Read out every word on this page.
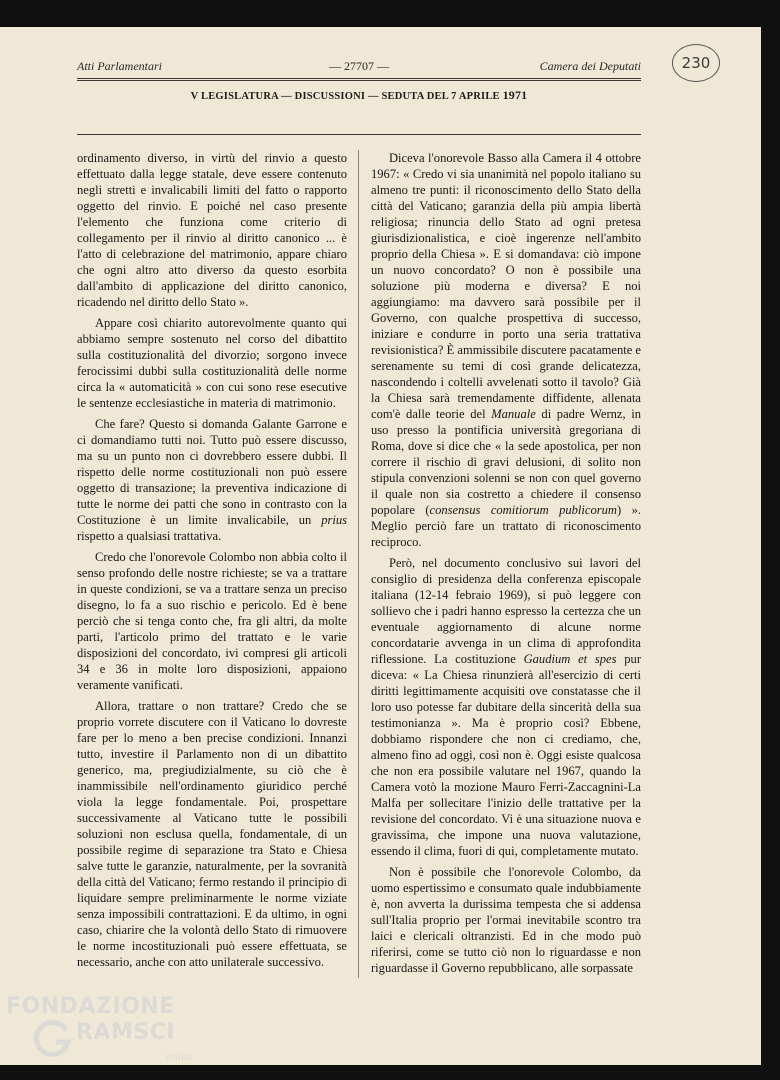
Atti Parlamentari	— 27707 —	Camera dei Deputati
V LEGISLATURA — DISCUSSIONI — SEDUTA DEL 7 APRILE 1971
230

ordinamento diverso, in virtù del rinvio a questo effettuato dalla legge statale, deve essere contenuto negli stretti e invalicabili limiti del fatto o rapporto oggetto del rinvio. E poiché nel caso presente l'elemento che funziona come criterio di collegamento per il rinvio al diritto canonico ... è l'atto di celebrazione del matrimonio, appare chiaro che ogni altro atto diverso da questo esorbita dall'ambito di applicazione del diritto canonico, ricadendo nel diritto dello Stato ».

Appare così chiarito autorevolmente quanto qui abbiamo sempre sostenuto nel corso del dibattito sulla costituzionalità del divorzio; sorgono invece ferocissimi dubbi sulla costituzionalità delle norme circa la « automaticità » con cui sono rese esecutive le sentenze ecclesiastiche in materia di matrimonio.

Che fare? Questo si domanda Galante Garrone e ci domandiamo tutti noi. Tutto può essere discusso, ma su un punto non ci dovrebbero essere dubbi. Il rispetto delle norme costituzionali non può essere oggetto di transazione; la preventiva indicazione di tutte le norme dei patti che sono in contrasto con la Costituzione è un limite invalicabile, un prius rispetto a qualsiasi trattativa.

Credo che l'onorevole Colombo non abbia colto il senso profondo delle nostre richieste; se va a trattare in queste condizioni, se va a trattare senza un preciso disegno, lo fa a suo rischio e pericolo. Ed è bene perciò che si tenga conto che, fra gli altri, da molte parti, l'articolo primo del trattato e le varie disposizioni del concordato, ivi compresi gli articoli 34 e 36 in molte loro disposizioni, appaiono veramente vanificati.

Allora, trattare o non trattare? Credo che se proprio vorrete discutere con il Vaticano lo dovreste fare per lo meno a ben precise condizioni. Innanzi tutto, investire il Parlamento non di un dibattito generico, ma, pregiudizialmente, su ciò che è inammissibile nell'ordinamento giuridico perché viola la legge fondamentale. Poi, prospettare successivamente al Vaticano tutte le possibili soluzioni non esclusa quella, fondamentale, di un possibile regime di separazione tra Stato e Chiesa salve tutte le garanzie, naturalmente, per la sovranità della città del Vaticano; fermo restando il principio di liquidare sempre preliminarmente le norme viziate senza impossibili contrattazioni. E da ultimo, in ogni caso, chiarire che la volontà dello Stato di rimuovere le norme incostituzionali può essere effettuata, se necessario, anche con atto unilaterale successivo.

Diceva l'onorevole Basso alla Camera il 4 ottobre 1967: « Credo vi sia unanimità nel popolo italiano su almeno tre punti: il riconoscimento dello Stato della città del Vaticano; garanzia della più ampia libertà religiosa; rinuncia dello Stato ad ogni pretesa giurisdizionalistica, e cioè ingerenze nell'ambito proprio della Chiesa ». E si domandava: ciò impone un nuovo concordato? O non è possibile una soluzione più moderna e diversa? E noi aggiungiamo: ma davvero sarà possibile per il Governo, con qualche prospettiva di successo, iniziare e condurre in porto una seria trattativa revisionistica? È ammissibile discutere pacatamente e serenamente su temi di così grande delicatezza, nascondendo i coltelli avvelenati sotto il tavolo? Già la Chiesa sarà tremendamente diffidente, allenata com'è dalle teorie del Manuale di padre Wernz, in uso presso la pontificia università gregoriana di Roma, dove si dice che « la sede apostolica, per non correre il rischio di gravi delusioni, di solito non stipula convenzioni solenni se non con quel governo il quale non sia costretto a chiedere il consenso popolare (consensus comitiorum publicorum) ». Meglio perciò fare un trattato di riconoscimento reciproco.

Però, nel documento conclusivo sui lavori del consiglio di presidenza della conferenza episcopale italiana (12-14 febraio 1969), si può leggere con sollievo che i padri hanno espresso la certezza che un eventuale aggiornamento di alcune norme concordatarie avvenga in un clima di approfondita riflessione. La costituzione Gaudium et spes pur diceva: « La Chiesa rinunzierà all'esercizio di certi diritti legittimamente acquisiti ove constatasse che il loro uso potesse far dubitare della sincerità della sua testimonianza ». Ma è proprio così? Ebbene, dobbiamo rispondere che non ci crediamo, che, almeno fino ad oggi, così non è. Oggi esiste qualcosa che non era possibile valutare nel 1967, quando la Camera votò la mozione Mauro Ferri-Zaccagnini-La Malfa per sollecitare l'inizio delle trattative per la revisione del concordato. Vi è una situazione nuova e gravissima, che impone una nuova valutazione, essendo il clima, fuori di qui, completamente mutato.

Non è possibile che l'onorevole Colombo, da uomo espertissimo e consumato quale indubbiamente è, non avverta la durissima tempesta che si addensa sull'Italia proprio per l'ormai inevitabile scontro tra laici e clericali oltranzisti. Ed in che modo può riferirsi, come se tutto ciò non lo riguardasse e non riguardasse il Governo repubblicano, alle sorpassate

FONDAZIONE
RAMSCI
onlus
